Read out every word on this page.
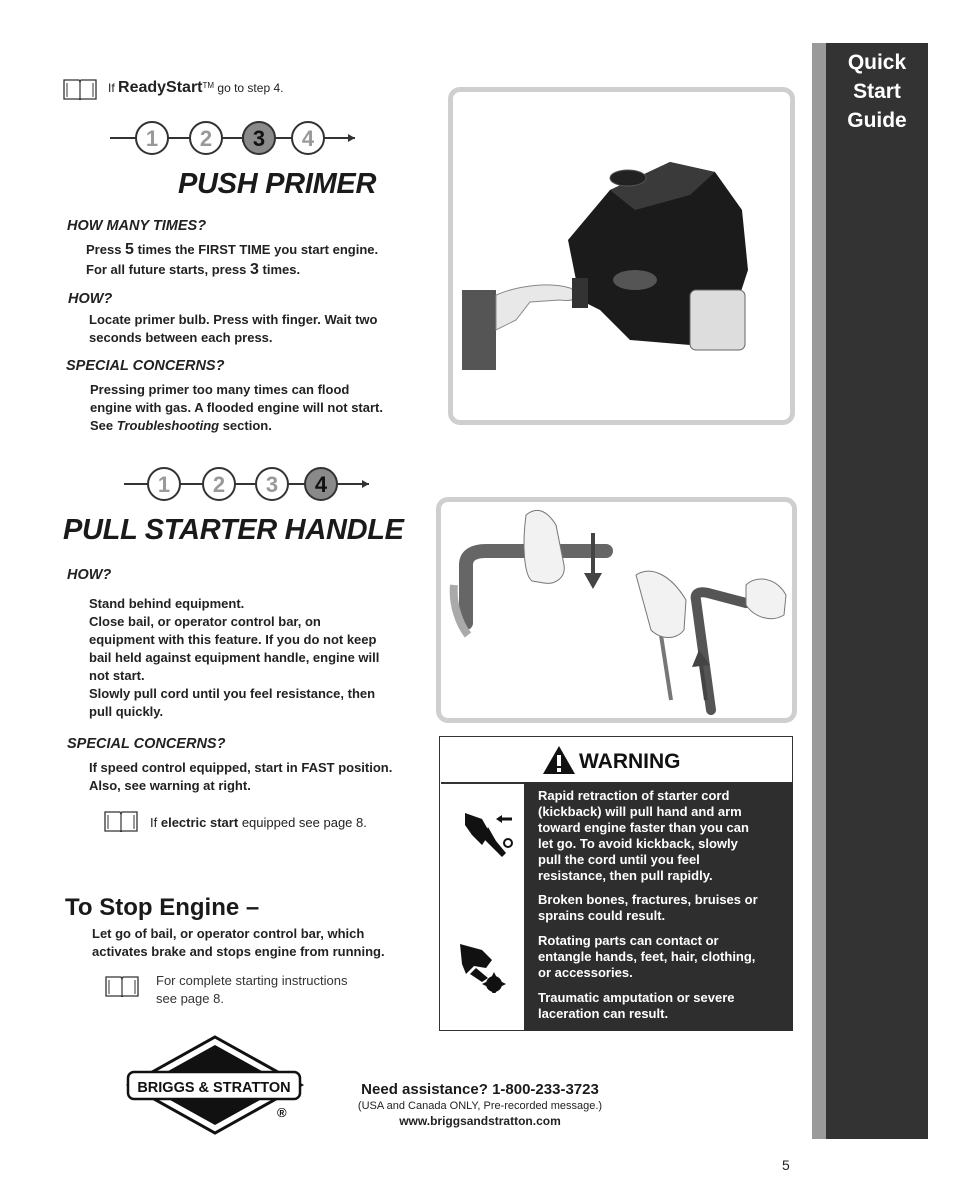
Quick
Start
Guide
If ReadyStart™ go to step 4.
1 2 3 4
PUSH PRIMER
HOW MANY TIMES?
Press 5 times the FIRST TIME you start engine.
For all future starts, press 3 times.
HOW?
Locate primer bulb. Press with finger. Wait two
seconds between each press.
SPECIAL CONCERNS?
Pressing primer too many times can flood
engine with gas. A flooded engine will not start.
See Troubleshooting section.
1 2 3 4
PULL STARTER HANDLE
HOW?
Stand behind equipment.
Close bail, or operator control bar, on
equipment with this feature. If you do not keep
bail held against equipment handle, engine will
not start.
Slowly pull cord until you feel resistance, then
pull quickly.
SPECIAL CONCERNS?
If speed control equipped, start in FAST position.
Also, see warning at right.
If electric start equipped see page 8.
WARNING
Rapid retraction of starter cord
(kickback) will pull hand and arm
toward engine faster than you can
let go. To avoid kickback, slowly
pull the cord until you feel
resistance, then pull rapidly.
Broken bones, fractures, bruises or
sprains could result.
Rotating parts can contact or
entangle hands, feet, hair, clothing,
or accessories.
Traumatic amputation or severe
laceration can result.
To Stop Engine –
Let go of bail, or operator control bar, which
activates brake and stops engine from running.
For complete starting instructions
see page 8.
BRIGGS & STRATTON
®
Need assistance? 1-800-233-3723
(USA and Canada ONLY, Pre-recorded message.)
www.briggsandstratton.com
5
